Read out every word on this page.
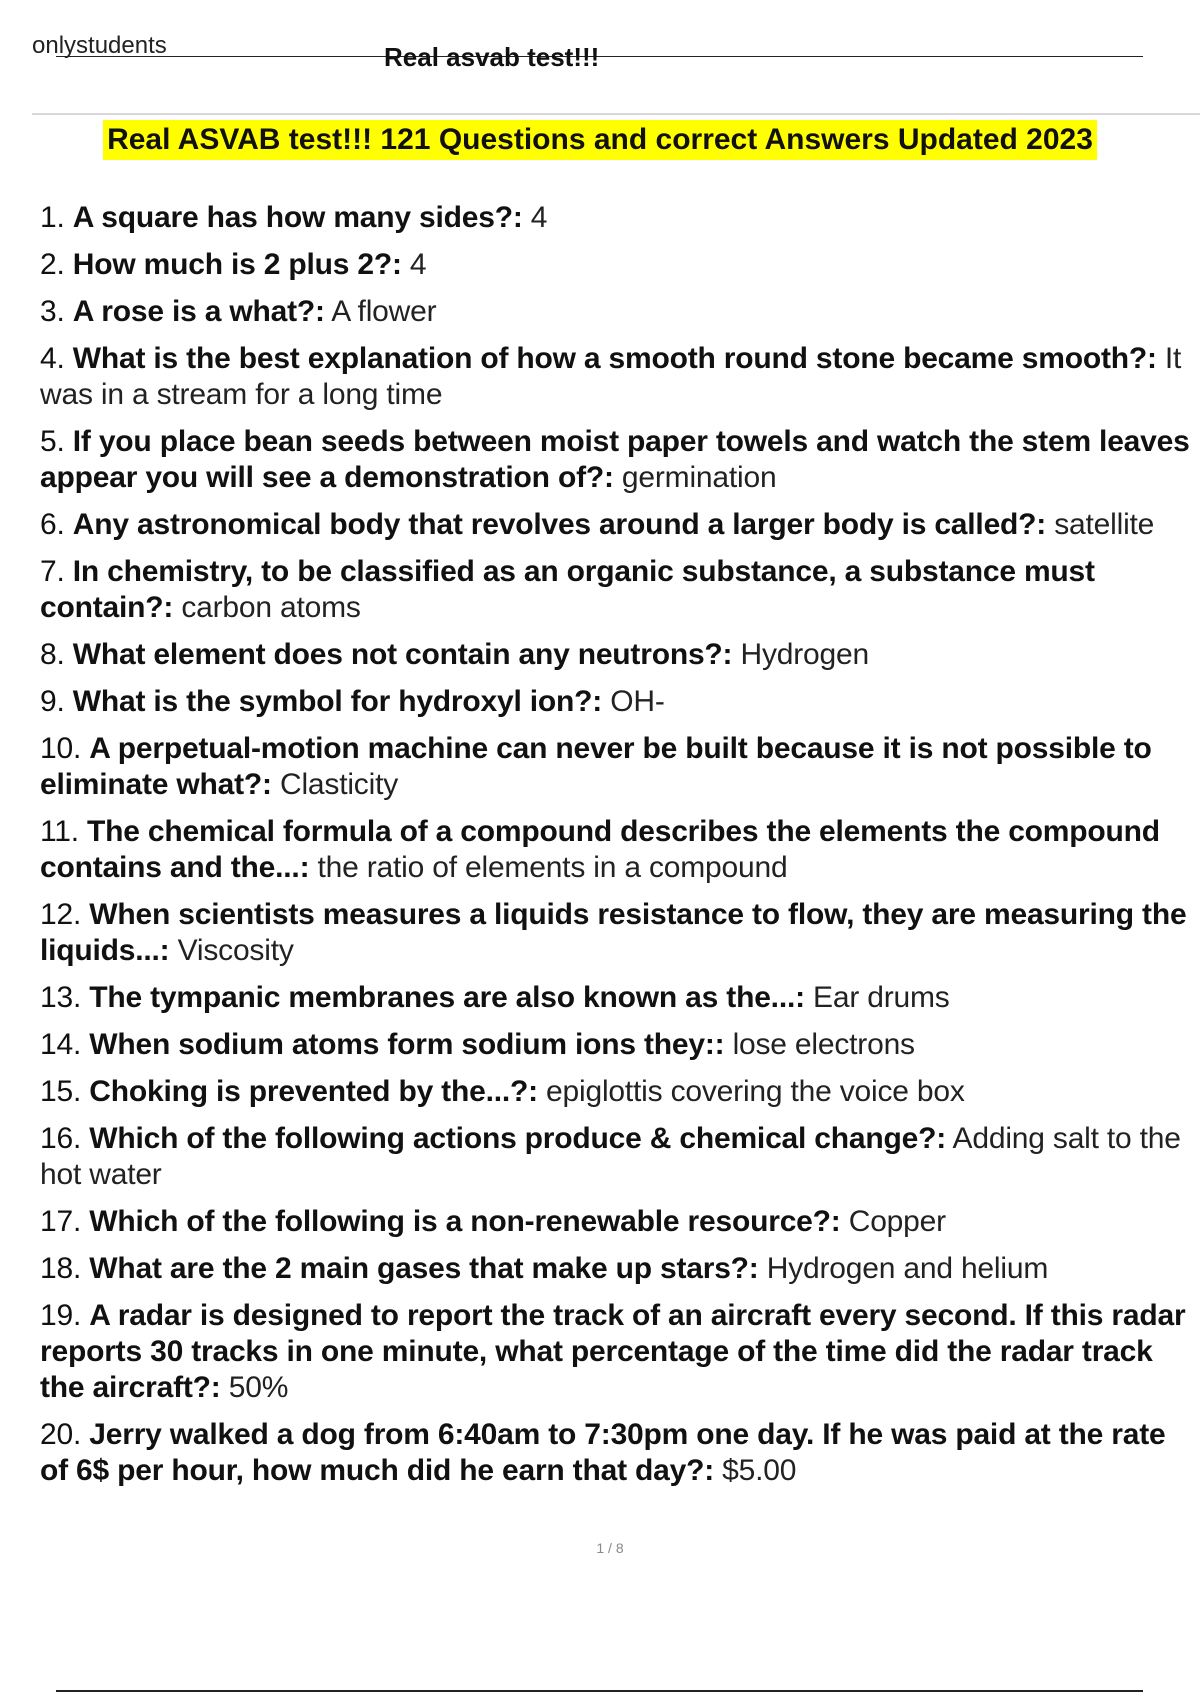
onlystudents	Real asvab test!!!
Real ASVAB test!!! 121 Questions and correct Answers Updated 2023
1. A square has how many sides?: 4
2. How much is 2 plus 2?: 4
3. A rose is a what?: A flower
4. What is the best explanation of how a smooth round stone became smooth?: It was in a stream for a long time
5. If you place bean seeds between moist paper towels and watch the stem leaves appear you will see a demonstration of?: germination
6. Any astronomical body that revolves around a larger body is called?: satellite
7. In chemistry, to be classified as an organic substance, a substance must contain?: carbon atoms
8. What element does not contain any neutrons?: Hydrogen
9. What is the symbol for hydroxyl ion?: OH-
10. A perpetual-motion machine can never be built because it is not possible to eliminate what?: Clasticity
11. The chemical formula of a compound describes the elements the compound contains and the...: the ratio of elements in a compound
12. When scientists measures a liquids resistance to flow, they are measuring the liquids...: Viscosity
13. The tympanic membranes are also known as the...: Ear drums
14. When sodium atoms form sodium ions they:: lose electrons
15. Choking is prevented by the...?: epiglottis covering the voice box
16. Which of the following actions produce & chemical change?: Adding salt to the hot water
17. Which of the following is a non-renewable resource?: Copper
18. What are the 2 main gases that make up stars?: Hydrogen and helium
19. A radar is designed to report the track of an aircraft every second. If this radar reports 30 tracks in one minute, what percentage of the time did the radar track the aircraft?: 50%
20. Jerry walked a dog from 6:40am to 7:30pm one day. If he was paid at the rate of 6$ per hour, how much did he earn that day?: $5.00
1 / 8
